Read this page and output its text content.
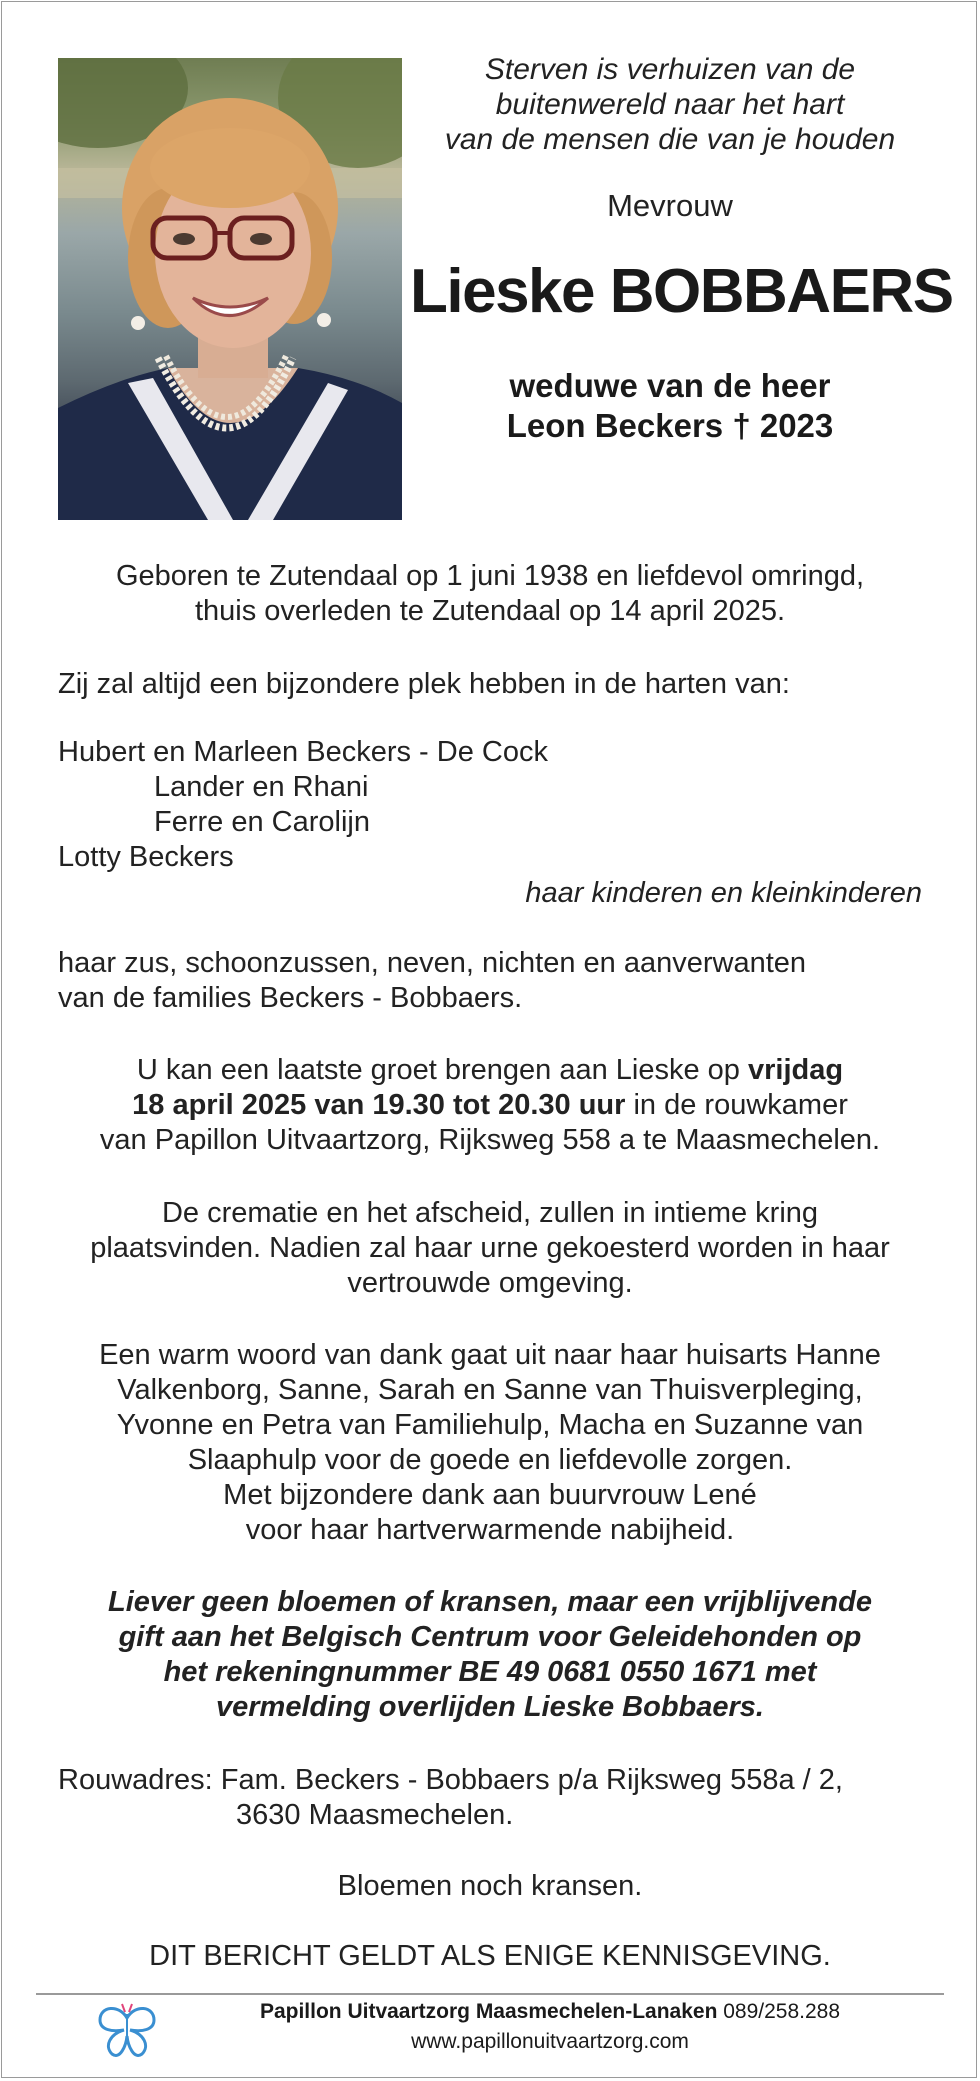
Sterven is verhuizen van de
buitenwereld naar het hart
van de mensen die van je houden
Mevrouw
Lieske BOBBAERS
weduwe van de heer
Leon Beckers † 2023
Geboren te Zutendaal op 1 juni 1938 en liefdevol omringd,
thuis overleden te Zutendaal op 14 april 2025.
Zij zal altijd een bijzondere plek hebben in de harten van:
Hubert en Marleen Beckers - De Cock
Lander en Rhani
Ferre en Carolijn
Lotty Beckers
haar kinderen en kleinkinderen
haar zus, schoonzussen, neven, nichten en aanverwanten
van de families Beckers - Bobbaers.
U kan een laatste groet brengen aan Lieske op vrijdag
18 april 2025 van 19.30 tot 20.30 uur in de rouwkamer
van Papillon Uitvaartzorg, Rijksweg 558 a te Maasmechelen.
De crematie en het afscheid, zullen in intieme kring
plaatsvinden. Nadien zal haar urne gekoesterd worden in haar
vertrouwde omgeving.
Een warm woord van dank gaat uit naar haar huisarts Hanne
Valkenborg, Sanne, Sarah en Sanne van Thuisverpleging,
Yvonne en Petra van Familiehulp, Macha en Suzanne van
Slaaphulp voor de goede en liefdevolle zorgen.
Met bijzondere dank aan buurvrouw Lené
voor haar hartverwarmende nabijheid.
Liever geen bloemen of kransen, maar een vrijblijvende
gift aan het Belgisch Centrum voor Geleidehonden op
het rekeningnummer BE 49 0681 0550 1671 met
vermelding overlijden Lieske Bobbaers.
Rouwadres: Fam. Beckers - Bobbaers p/a Rijksweg 558a / 2,
3630 Maasmechelen.
Bloemen noch kransen.
DIT BERICHT GELDT ALS ENIGE KENNISGEVING.
Papillon Uitvaartzorg Maasmechelen-Lanaken 089/258.288
www.papillonuitvaartzorg.com
